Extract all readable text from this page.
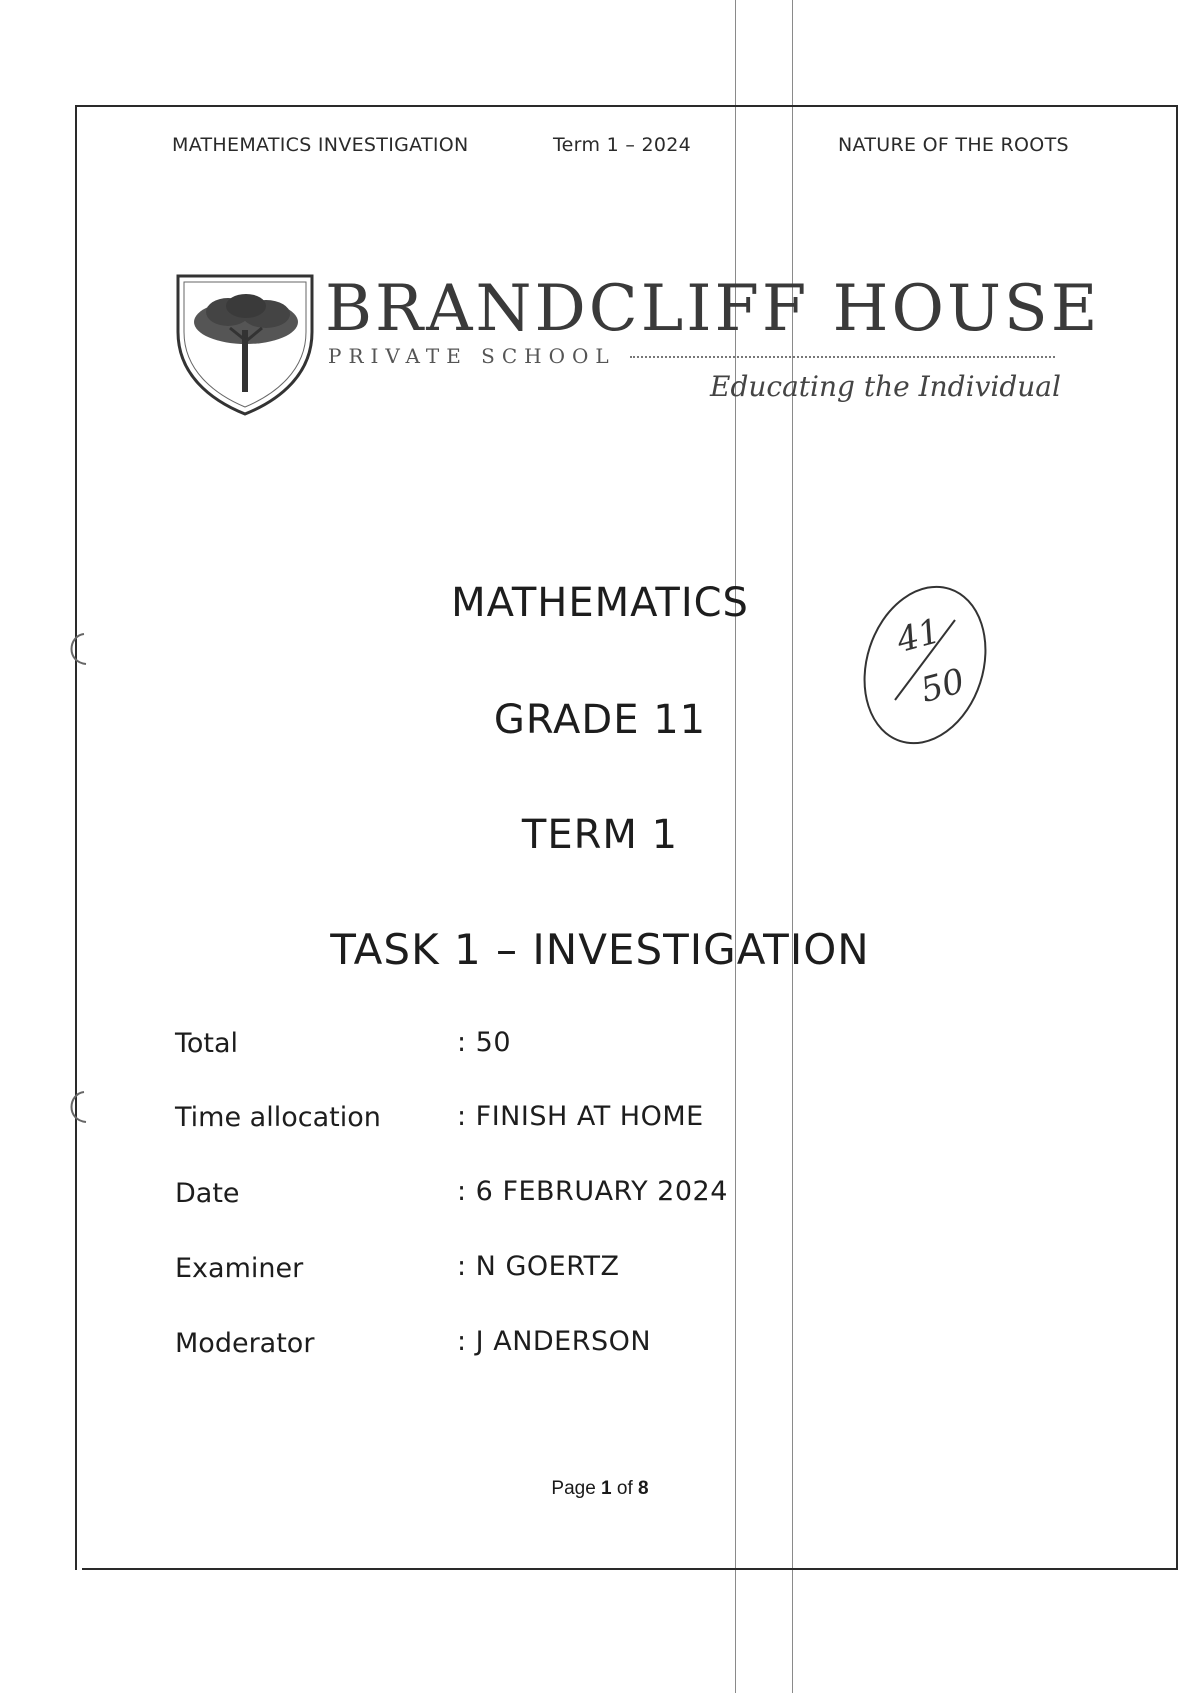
MATHEMATICS INVESTIGATION	Term 1 – 2024	NATURE OF THE ROOTS
BRANDCLIFF HOUSE
PRIVATE SCHOOL
Educating the Individual
MATHEMATICS
GRADE 11
TERM 1
TASK 1 – INVESTIGATION
41
50
Total	: 50
Time allocation	: FINISH AT HOME
Date	: 6 FEBRUARY 2024
Examiner	: N GOERTZ
Moderator	: J ANDERSON
Page 1 of 8
